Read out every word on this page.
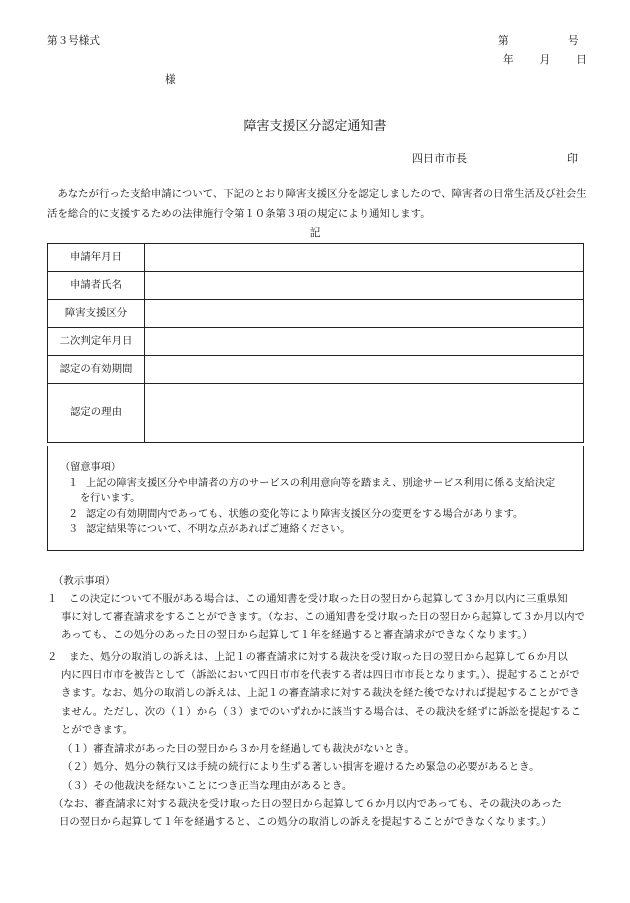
第３号様式	第	号
年 月 日
様
障害支援区分認定通知書
四日市市長	印
あなたが行った支給申請について、下記のとおり障害支援区分を認定しましたので、障害者の日常生活及び社会生活を総合的に支援するための法律施行令第１０条第３項の規定により通知します。
記
申請年月日	
申請者氏名	
障害支援区分	
二次判定年月日	
認定の有効期間	
認定の理由	
（留意事項）
１ 上記の障害支援区分や申請者の方のサービスの利用意向等を踏まえ、別途サービス利用に係る支給決定
を行います。
２ 認定の有効期間内であっても、状態の変化等により障害支援区分の変更をする場合があります。
３ 認定結果等について、不明な点があればご連絡ください。
（教示事項）
１ この決定について不服がある場合は、この通知書を受け取った日の翌日から起算して３か月以内に三重県知
事に対して審査請求をすることができます。（なお、この通知書を受け取った日の翌日から起算して３か月以内であっても、この処分のあった日の翌日から起算して１年を経過すると審査請求ができなくなります。）
２ また、処分の取消しの訴えは、上記１の審査請求に対する裁決を受け取った日の翌日から起算して６か月以
内に四日市市を被告として（訴訟において四日市市を代表する者は四日市市長となります。）、提起することができます。なお、処分の取消しの訴えは、上記１の審査請求に対する裁決を経た後でなければ提起することができません。ただし、次の（１）から（３）までのいずれかに該当する場合は、その裁決を経ずに訴訟を提起することができます。
（１）審査請求があった日の翌日から３か月を経過しても裁決がないとき。
（２）処分、処分の執行又は手続の続行により生ずる著しい損害を避けるため緊急の必要があるとき。
（３）その他裁決を経ないことにつき正当な理由があるとき。
（なお、審査請求に対する裁決を受け取った日の翌日から起算して６か月以内であっても、その裁決のあった
日の翌日から起算して１年を経過すると、この処分の取消しの訴えを提起することができなくなります。）
